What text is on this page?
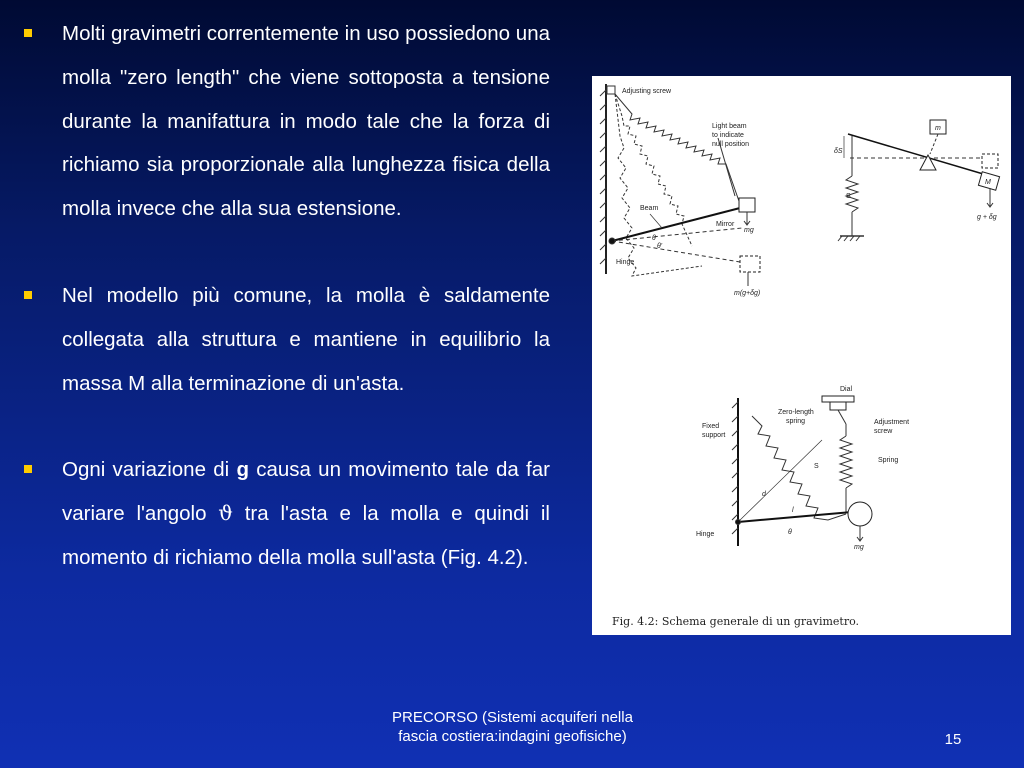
Molti gravimetri correntemente in uso possiedono una molla "zero length" che viene sottoposta a tensione durante la manifattura in modo tale che la forza di richiamo sia proporzionale alla lunghezza fisica della molla invece che alla sua estensione.
Nel modello più comune, la molla è saldamente collegata alla struttura e mantiene in equilibrio la massa M alla terminazione di un'asta.
Ogni variazione di g causa un movimento tale da far variare l'angolo ϑ tra l'asta e la molla e quindi il momento di richiamo della molla sull'asta (Fig. 4.2).
Adjusting screw
Light beam
to indicate
null position
Beam
Mirror
mg
θ
θ'
Hinge
m(g+δg)
m
M
g + δg
S
δS
Fixed
support
Dial
Adjustment
screw
Spring
Zero-length
spring
S
d
l
mg
Hinge	θ
Fig. 4.2: Schema generale di un gravimetro.
PRECORSO (Sistemi acquiferi nella
fascia costiera:indagini geofisiche)	15
